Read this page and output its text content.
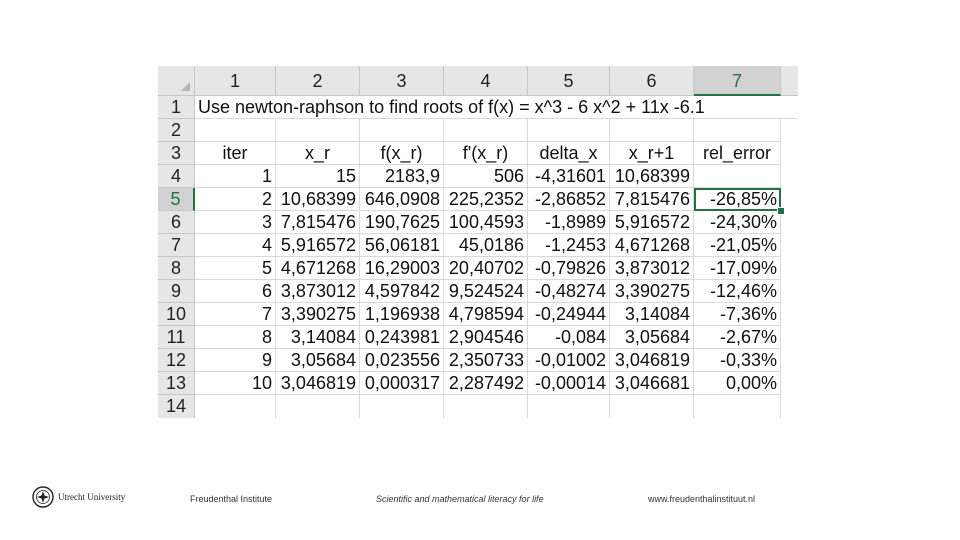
1	2	3	4	5	6	7
1
2
3
4
5
6
7
8
9
10
11
12
13
14
Use newton-raphson to find roots of f(x) = x^3 - 6 x^2 + 11x -6.1
iter	x_r	f(x_r)	f'(x_r)	delta_x	x_r+1	rel_error
1	15	2183,9	506 -4,31601 10,68399
2 10,68399 646,0908 225,2352 -2,86852 7,815476	-26,85%
3 7,815476 190,7625 100,4593	-1,8989 5,916572	-24,30%
4 5,916572 56,06181	45,0186	-1,2453 4,671268	-21,05%
5 4,671268 16,29003 20,40702 -0,79826 3,873012	-17,09%
6 3,873012 4,597842 9,524524 -0,48274 3,390275	-12,46%
7 3,390275 1,196938 4,798594 -0,24944	3,14084	-7,36%
8	3,14084 0,243981 2,904546	-0,084	3,05684	-2,67%
9	3,05684 0,023556 2,350733 -0,01002 3,046819	-0,33%
10 3,046819 0,000317 2,287492 -0,00014 3,046681	0,00%
Utrecht University	Freudenthal Institute	Scientific and mathematical literacy for life	www.freudenthalinstituut.nl
